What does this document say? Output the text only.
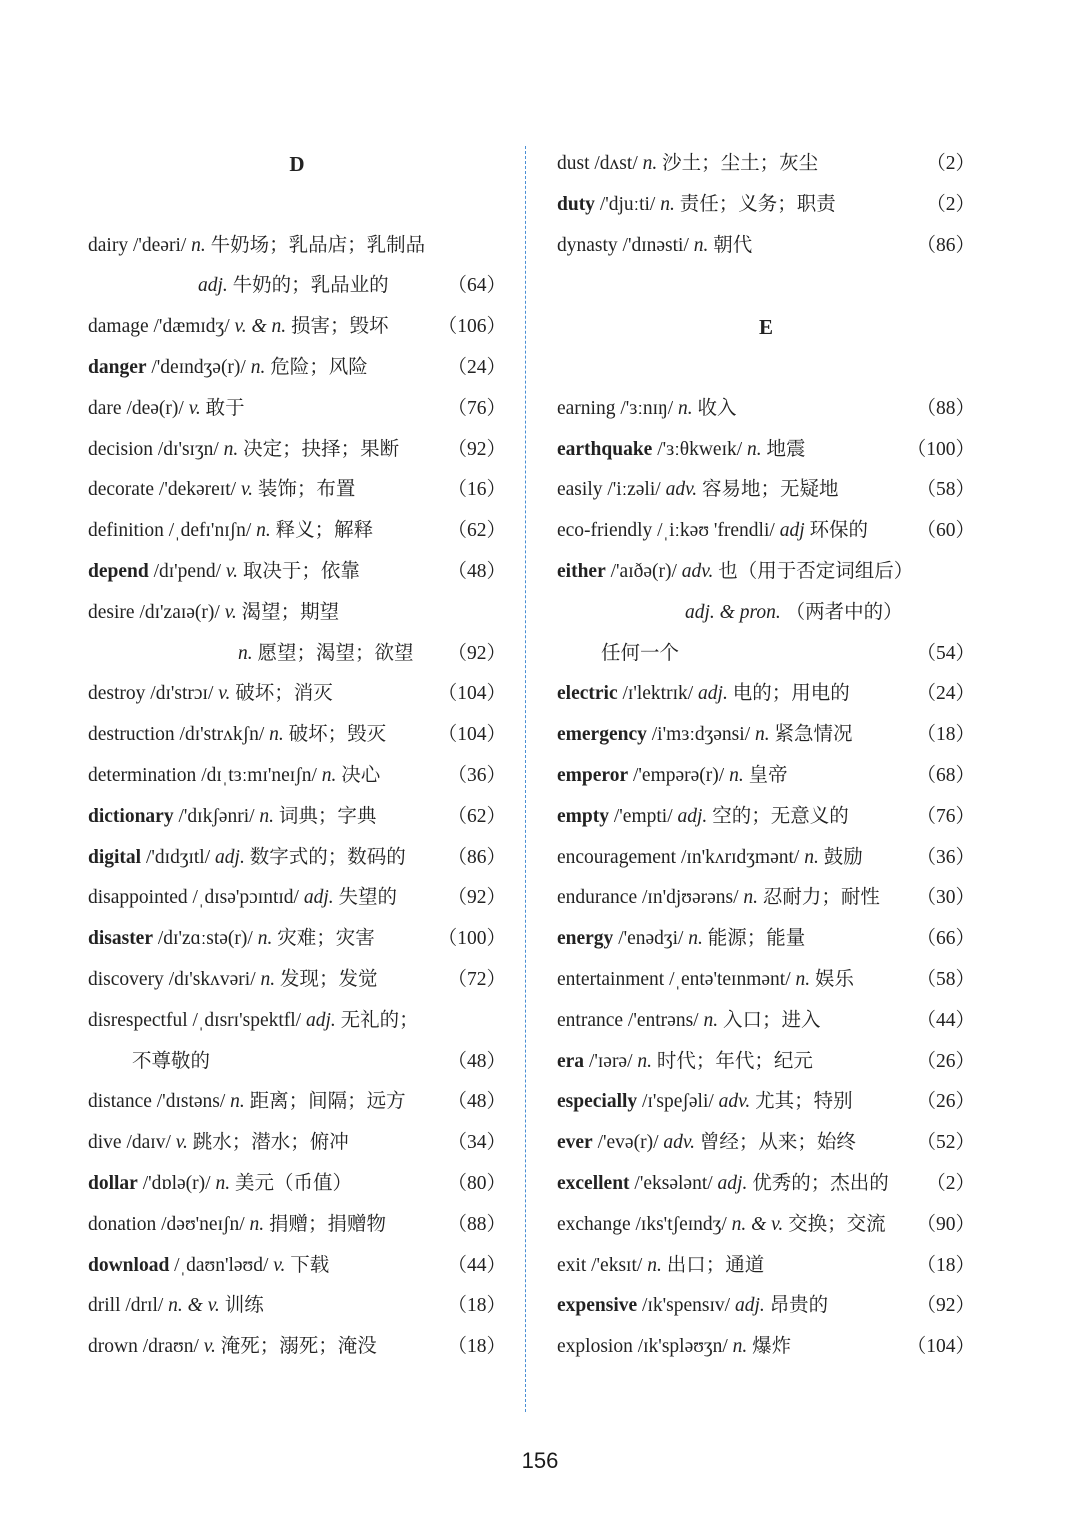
D
dairy /'deəri/ n. 牛奶场；乳品店；乳制品
adj. 牛奶的；乳品业的	（64）
damage /'dæmɪdʒ/ v. & n. 损害；毁坏	（106）
danger /'deɪndʒə(r)/ n. 危险；风险	（24）
dare /deə(r)/ v. 敢于	（76）
decision /dɪ'sɪʒn/ n. 决定；抉择；果断 （92）
decorate /'dekəreɪt/ v. 装饰；布置	（16）
definition /ˌdefɪ'nɪʃn/ n. 释义；解释	（62）
depend /dɪ'pend/ v. 取决于；依靠	（48）
desire /dɪ'zaɪə(r)/ v. 渴望；期望
n. 愿望；渴望；欲望 （92）
destroy /dɪ'strɔɪ/ v. 破坏；消灭	（104）
destruction /dɪ'strʌkʃn/ n. 破坏；毁灭	（104）
determination /dɪˌtɜːmɪ'neɪʃn/ n. 决心	（36）
dictionary /'dɪkʃənri/ n. 词典；字典	（62）
digital /'dɪdʒɪtl/ adj. 数字式的；数码的 （86）
disappointed /ˌdɪsə'pɔɪntɪd/ adj. 失望的	（92）
disaster /dɪ'zɑːstə(r)/ n. 灾难；灾害	（100）
discovery /dɪ'skʌvəri/ n. 发现；发觉	（72）
disrespectful /ˌdɪsrɪ'spektfl/ adj. 无礼的；
不尊敬的	（48）
distance /'dɪstəns/ n. 距离；间隔；远方 （48）
dive /daɪv/ v. 跳水；潜水；俯冲	（34）
dollar /'dɒlə(r)/ n. 美元（币值）	（80）
donation /dəʊ'neɪʃn/ n. 捐赠；捐赠物	（88）
download /ˌdaʊn'ləʊd/ v. 下载	（44）
drill /drɪl/ n. & v. 训练	（18）
drown /draʊn/ v. 淹死；溺死；淹没	（18）
dust /dʌst/ n. 沙土；尘土；灰尘	（2）
duty /'djuːti/ n. 责任；义务；职责	（2）
dynasty /'dɪnəsti/ n. 朝代	（86）
E
earning /'ɜːnɪŋ/ n. 收入	（88）
earthquake /'ɜːθkweɪk/ n. 地震	（100）
easily /'iːzəli/ adv. 容易地；无疑地	（58）
eco-friendly /ˌiːkəʊ 'frendli/ adj 环保的 （60）
either /'aɪðə(r)/ adv. 也（用于否定词组后）
adj. & pron. （两者中的）
任何一个	（54）
electric /ɪ'lektrɪk/ adj. 电的；用电的	（24）
emergency /i'mɜːdʒənsi/ n. 紧急情况	（18）
emperor /'empərə(r)/ n. 皇帝	（68）
empty /'empti/ adj. 空的；无意义的	（76）
encouragement /ɪn'kʌrɪdʒmənt/ n. 鼓励	（36）
endurance /ɪn'djʊərəns/ n. 忍耐力；耐性 （30）
energy /'enədʒi/ n. 能源；能量	（66）
entertainment /ˌentə'teɪnmənt/ n. 娱乐	（58）
entrance /'entrəns/ n. 入口；进入	（44）
era /'ɪərə/ n. 时代；年代；纪元	（26）
especially /ɪ'speʃəli/ adv. 尤其；特别	（26）
ever /'evə(r)/ adv. 曾经；从来；始终	（52）
excellent /'eksələnt/ adj. 优秀的；杰出的 （2）
exchange /ɪks'tʃeɪndʒ/ n. & v. 交换；交流 （90）
exit /'eksɪt/ n. 出口；通道	（18）
expensive /ɪk'spensɪv/ adj. 昂贵的	（92）
explosion /ɪk'spləʊʒn/ n. 爆炸	（104）
156
